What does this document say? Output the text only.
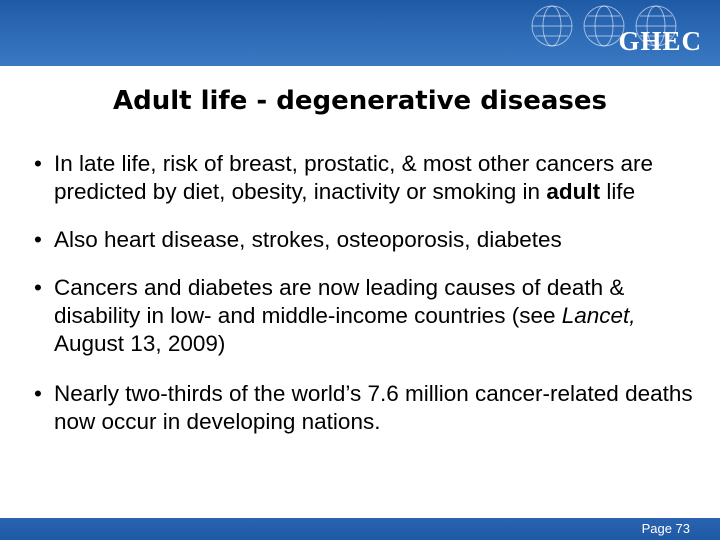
GHEC
Adult life - degenerative diseases
• In late life, risk of breast, prostatic, & most other cancers are predicted by diet, obesity, inactivity or smoking in adult life
• Also heart disease, strokes, osteoporosis, diabetes
• Cancers and diabetes are now leading causes of death & disability in low- and middle-income countries (see Lancet, August 13, 2009)
• Nearly two-thirds of the world’s 7.6 million cancer-related deaths now occur in developing nations.
Page 73
